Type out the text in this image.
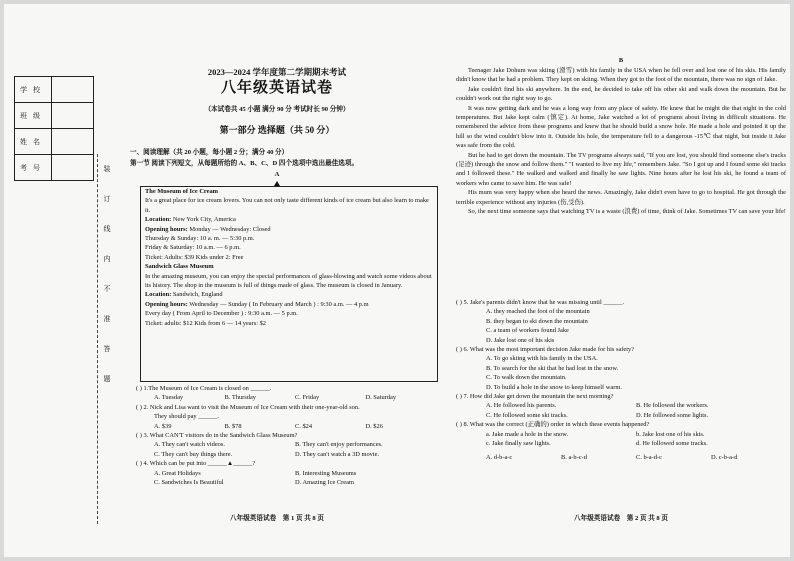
学校	
班级	
姓名	
考号		装
订
线
内
不
准
答
题
2023—2024 学年度第二学期期末考试
八年级英语试卷
（本试卷共 45 小题 满分 90 分 考试时长 90 分钟）
第一部分 选择题（共 50 分）
一、阅读理解（共 20 小题，每小题 2 分；满分 40 分）
第一节 阅读下列短文，从每题所给的 A、B、C、D 四个选项中选出最佳选项。
A

The Museum of Ice Cream

It's a great place for ice cream lovers. You can not only taste different kinds of ice cream but also learn to make it.

Location: New York City, America

Opening hours: Monday — Wednesday: Closed

Thursday & Sunday: 10 a. m. — 5:30 p.m.

Friday & Saturday: 10 a.m. — 6 p.m.

Ticket: Adults: $39 Kids under 2: Free

Sandwich Glass Museum

In the amazing museum, you can enjoy the special performances of glass-blowing and watch some videos about its history. The shop in the museum is full of things made of glass. The museum is closed in January.

Location: Sandwich, England

Opening hours: Wednesday — Sunday ( In February and March ) : 9:30 a.m. — 4 p.m

Every day ( From April to December ) : 9:30 a.m. — 5 p.m.

Ticket: adults: $12 Kids from 6 — 14 years: $2

( ) 1.The Museum of Ice Cream is closed on ______.
A. Tuesday	B. Thursday	C. Friday	D. Saturday
( ) 2. Nick and Lisa want to visit the Museum of Ice Cream with their one-year-old son.
They should pay ______.
A. $39	B. $78	C. $24	D. $26
( ) 3. What CAN'T visitors do in the Sandwich Glass Museum?
A. They can't watch videos.	B. They can't enjoy performances.
C. They can't buy things there.	D. They can't watch a 3D movie.
( ) 4. Which can be put into ______▲______?
A. Great Holidays	B. Interesting Museums
C. Sandwiches Is Beautiful	D. Amazing Ice Cream
八年级英语试卷　第 1 页 共 8 页
B

Teenager Jake Dohum was skiing (滑雪) with his family in the USA when he fell over and lost one of his skis. His family didn't know that he had a problem. They kept on skiing. When they got to the foot of the mountain, there was no sign of Jake.

Jake couldn't find his ski anywhere. In the end, he decided to take off his other ski and walk down the mountain. But he couldn't work out the right way to go.

It was now getting dark and he was a long way from any place of safety. He knew that he might die that night in the cold temperatures. But Jake kept calm (镇定). At home, Jake watched a lot of programs about living in difficult situations. He remembered the advice from these programs and knew that he should build a snow hole. He made a hole and pointed it up the hill so the wind couldn't blow into it. Outside his hole, the temperature fell to a dangerous -15℃ that night, but inside it Jake was safe from the cold.

But he had to get down the mountain. The TV programs always said, "If you are lost, you should find someone else's tracks (足迹) through the snow and follow them." "I wanted to live my life," remembers Jake. "So I got up and I found some ski tracks and I followed these." He walked and walked and finally he saw lights. Nine hours after he lost his ski, he found a team of workers who came to save him. He was safe!

His mum was very happy when she heard the news. Amazingly, Jake didn't even have to go to hospital. He got through the terrible experience without any injuries (伤,受伤).

So, the next time someone says that watching TV is a waste (浪费) of time, think of Jake. Sometimes TV can save your life!

( ) 5. Jake's parents didn't know that he was missing until ______.
A. they reached the foot of the mountain
B. they began to ski down the mountain
C. a team of workers found Jake
D. Jake lost one of his skis
( ) 6. What was the most important decision Jake made for his safety?
A. To go skiing with his family in the USA.
B. To search for the ski that he had lost in the snow.
C. To walk down the mountain.
D. To build a hole in the snow to keep himself warm.
( ) 7. How did Jake get down the mountain the next morning?
A. He followed his parents.	B. He followed the workers.
C. He followed some ski tracks.	D. He followed some lights.
( ) 8. What was the correct (正确的) order in which these events happened?
a. Jake made a hole in the snow.	b. Jake lost one of his skis.
c. Jake finally saw lights.	d. He followed some tracks.
A. d-b-a-c	B. a-b-c-d	C. b-a-d-c	D. c-b-a-d
八年级英语试卷　第 2 页 共 8 页
